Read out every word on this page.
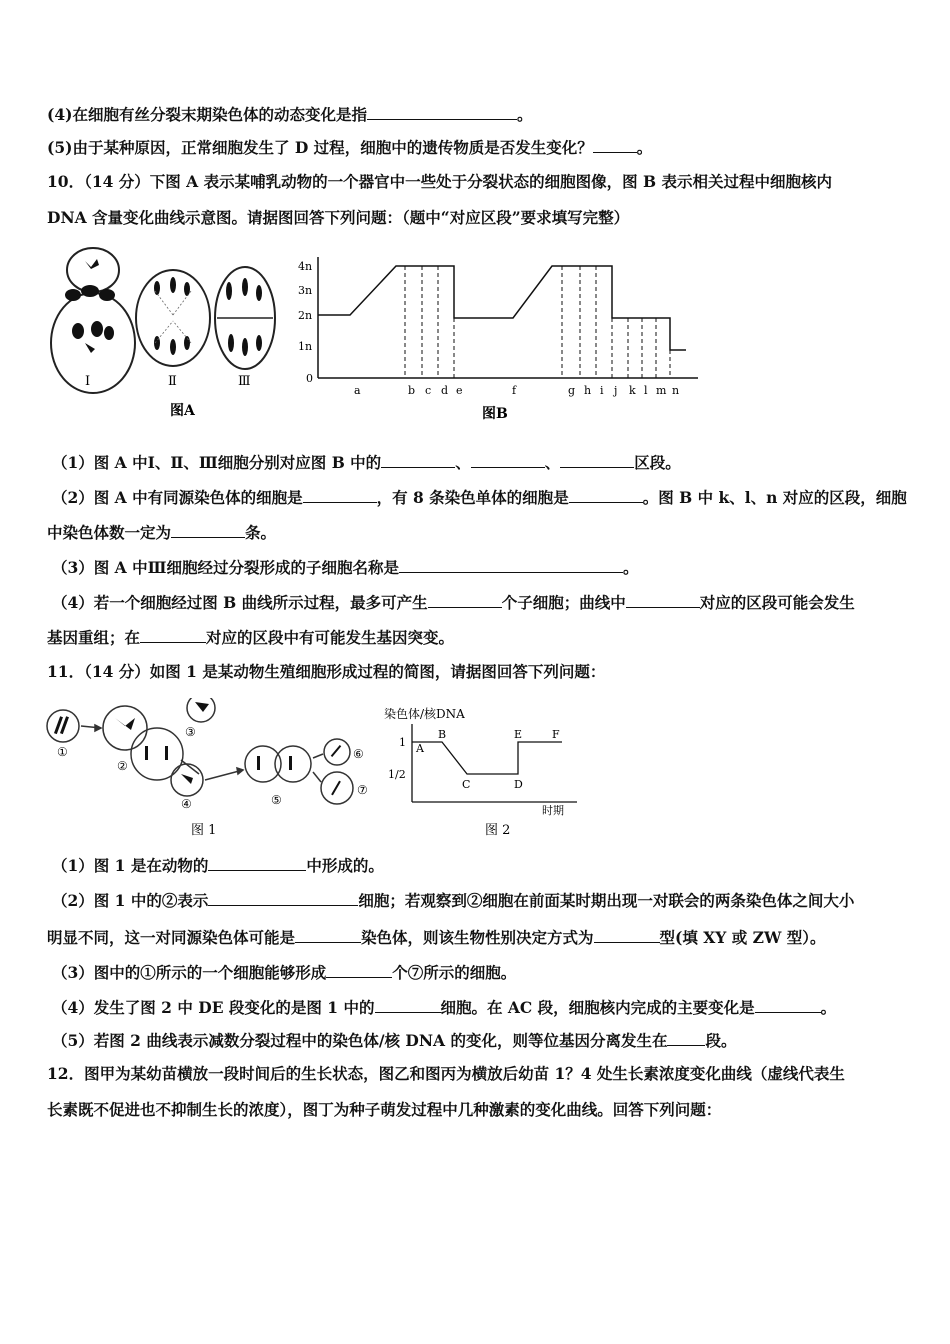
(4)在细胞有丝分裂末期染色体的动态变化是指	。
(5)由于某种原因，正常细胞发生了 D 过程，细胞中的遗传物质是否发生变化？	。
10．（14 分）下图 A 表示某哺乳动物的一个器官中一些处于分裂状态的细胞图像，图 B 表示相关过程中细胞核内
DNA 含量变化曲线示意图。请据图回答下列问题：（题中“对应区段”要求填写完整）
Ⅰ	Ⅱ	Ⅲ
图A
4n
3n
2n
1n
0
a	b c d e	f	g h i j k l m n
图B
（1）图 A 中Ⅰ、Ⅱ、Ⅲ细胞分别对应图 B 中的	、	、	区段。
（2）图 A 中有同源染色体的细胞是	，有 8 条染色单体的细胞是	。图 B 中 k、l、n 对应的区段，细胞
中染色体数一定为	条。
（3）图 A 中Ⅲ细胞经过分裂形成的子细胞名称是	。
（4）若一个细胞经过图 B 曲线所示过程，最多可产生	个子细胞；曲线中	对应的区段可能会发生
基因重组；在	对应的区段中有可能发生基因突变。
11．（14 分）如图 1 是某动物生殖细胞形成过程的简图，请据图回答下列问题：
①
②
③
④	⑤
⑥
⑦
图 1
染色体/核DNA
1
1/2
A
B
C	D
E	F
时期
图 2
（1）图 1 是在动物的	中形成的。
（2）图 1 中的②表示	细胞；若观察到②细胞在前面某时期出现一对联会的两条染色体之间大小
明显不同，这一对同源染色体可能是	染色体，则该生物性别决定方式为	型(填 XY 或 ZW 型）。
（3）图中的①所示的一个细胞能够形成	个⑦所示的细胞。
（4）发生了图 2 中 DE 段变化的是图 1 中的	细胞。在 AC 段，细胞核内完成的主要变化是	。
（5）若图 2 曲线表示减数分裂过程中的染色体/核 DNA 的变化，则等位基因分离发生在 段。
12．图甲为某幼苗横放一段时间后的生长状态，图乙和图丙为横放后幼苗 1？4 处生长素浓度变化曲线（虚线代表生
长素既不促进也不抑制生长的浓度），图丁为种子萌发过程中几种激素的变化曲线。回答下列问题：
